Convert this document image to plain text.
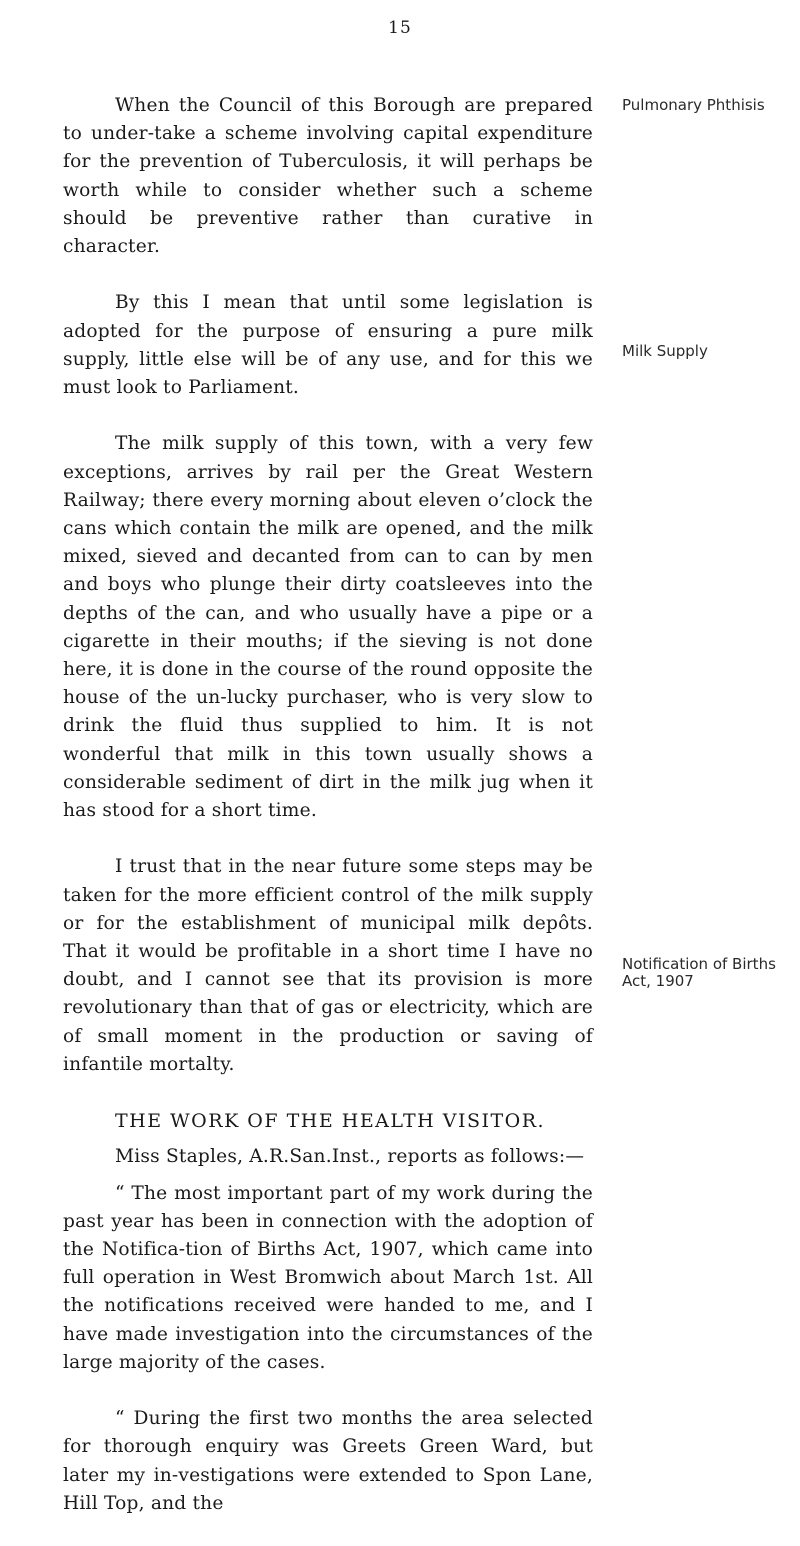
15
Pulmonary Phthisis
Milk Supply
Notification of Births Act, 1907

When the Council of this Borough are prepared to under-take a scheme involving capital expenditure for the prevention of Tuberculosis, it will perhaps be worth while to consider whether such a scheme should be preventive rather than curative in character.

By this I mean that until some legislation is adopted for the purpose of ensuring a pure milk supply, little else will be of any use, and for this we must look to Parliament.

The milk supply of this town, with a very few exceptions, arrives by rail per the Great Western Railway; there every morning about eleven o’clock the cans which contain the milk are opened, and the milk mixed, sieved and decanted from can to can by men and boys who plunge their dirty coatsleeves into the depths of the can, and who usually have a pipe or a cigarette in their mouths; if the sieving is not done here, it is done in the course of the round opposite the house of the un-lucky purchaser, who is very slow to drink the fluid thus supplied to him. It is not wonderful that milk in this town usually shows a considerable sediment of dirt in the milk jug when it has stood for a short time.

I trust that in the near future some steps may be taken for the more efficient control of the milk supply or for the establishment of municipal milk depôts. That it would be profitable in a short time I have no doubt, and I cannot see that its provision is more revolutionary than that of gas or electricity, which are of small moment in the production or saving of infantile mortalty.

THE WORK OF THE HEALTH VISITOR.

Miss Staples, A.R.San.Inst., reports as follows:—

“ The most important part of my work during the past year has been in connection with the adoption of the Notifica-tion of Births Act, 1907, which came into full operation in West Bromwich about March 1st. All the notifications received were handed to me, and I have made investigation into the circumstances of the large majority of the cases.

“ During the first two months the area selected for thorough enquiry was Greets Green Ward, but later my in-vestigations were extended to Spon Lane, Hill Top, and the
